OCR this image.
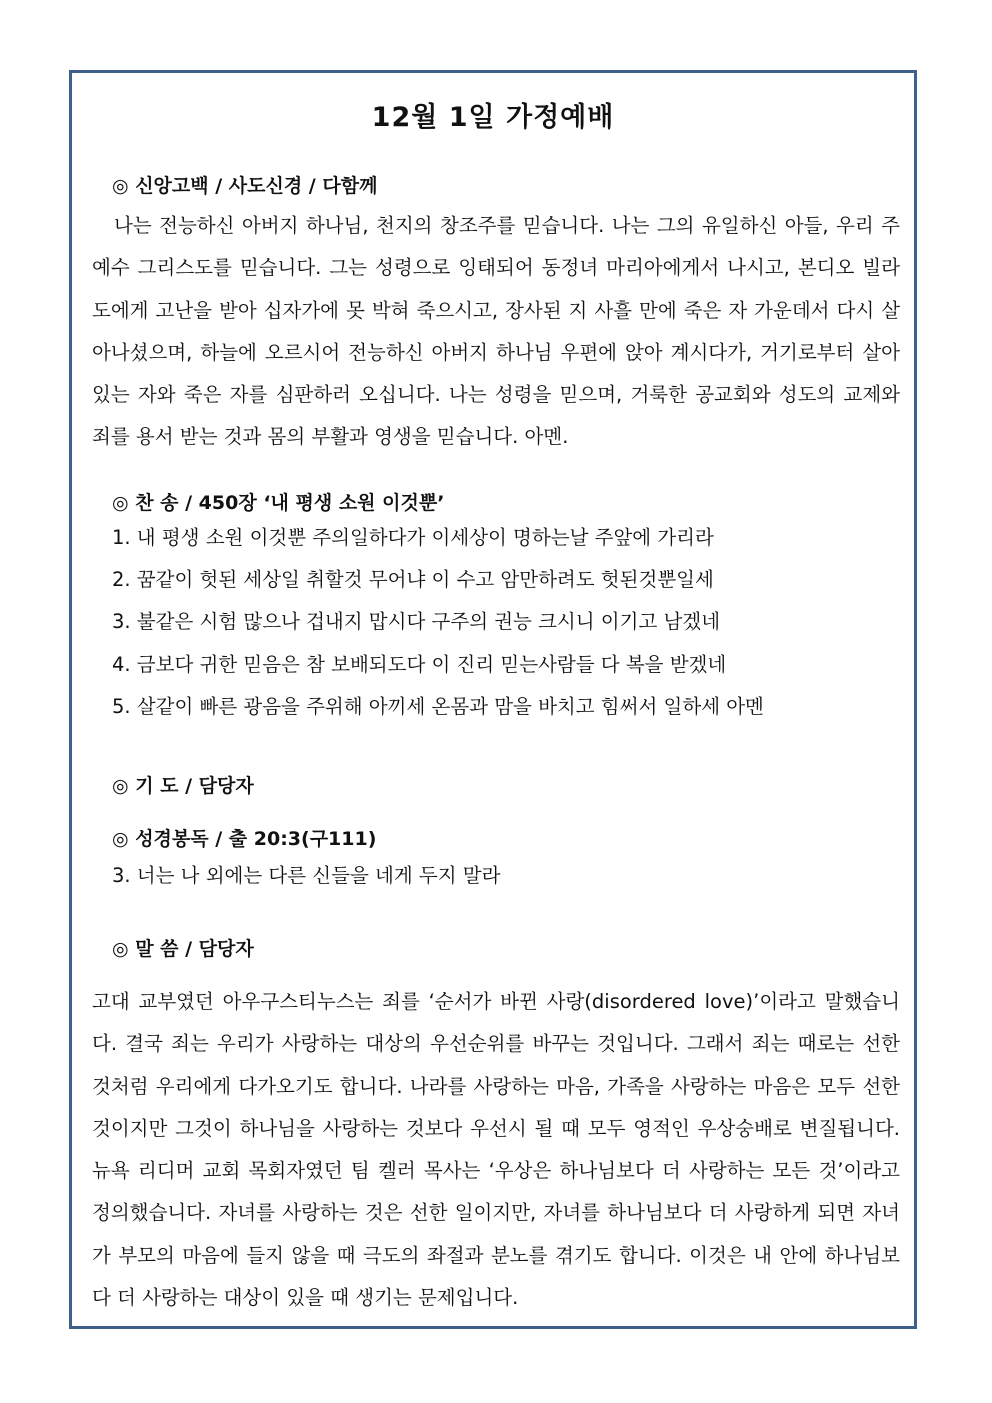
12월 1일 가정예배

◎ 신앙고백 / 사도신경 / 다함께

나는 전능하신 아버지 하나님, 천지의 창조주를 믿습니다. 나는 그의 유일하신 아들, 우리 주 예수 그리스도를 믿습니다. 그는 성령으로 잉태되어 동정녀 마리아에게서 나시고, 본디오 빌라도에게 고난을 받아 십자가에 못 박혀 죽으시고, 장사된 지 사흘 만에 죽은 자 가운데서 다시 살아나셨으며, 하늘에 오르시어 전능하신 아버지 하나님 우편에 앉아 계시다가, 거기로부터 살아있는 자와 죽은 자를 심판하러 오십니다. 나는 성령을 믿으며, 거룩한 공교회와 성도의 교제와 죄를 용서 받는 것과 몸의 부활과 영생을 믿습니다. 아멘.

◎ 찬 송 / 450장 ‘내 평생 소원 이것뿐’

1. 내 평생 소원 이것뿐 주의일하다가 이세상이 명하는날 주앞에 가리라
2. 꿈같이 헛된 세상일 취할것 무어냐 이 수고 암만하려도 헛된것뿐일세
3. 불같은 시험 많으나 겁내지 맙시다 구주의 권능 크시니 이기고 남겠네
4. 금보다 귀한 믿음은 참 보배되도다 이 진리 믿는사람들 다 복을 받겠네
5. 살같이 빠른 광음을 주위해 아끼세 온몸과 맘을 바치고 힘써서 일하세 아멘

◎ 기 도 / 담당자

◎ 성경봉독 / 출 20:3(구111)

3. 너는 나 외에는 다른 신들을 네게 두지 말라

◎ 말 씀 / 담당자

고대 교부였던 아우구스티누스는 죄를 ‘순서가 바뀐 사랑(disordered love)’이라고 말했습니다. 결국 죄는 우리가 사랑하는 대상의 우선순위를 바꾸는 것입니다. 그래서 죄는 때로는 선한 것처럼 우리에게 다가오기도 합니다. 나라를 사랑하는 마음, 가족을 사랑하는 마음은 모두 선한 것이지만 그것이 하나님을 사랑하는 것보다 우선시 될 때 모두 영적인 우상숭배로 변질됩니다. 뉴욕 리디머 교회 목회자였던 팀 켈러 목사는 ‘우상은 하나님보다 더 사랑하는 모든 것’이라고 정의했습니다. 자녀를 사랑하는 것은 선한 일이지만, 자녀를 하나님보다 더 사랑하게 되면 자녀가 부모의 마음에 들지 않을 때 극도의 좌절과 분노를 겪기도 합니다. 이것은 내 안에 하나님보다 더 사랑하는 대상이 있을 때 생기는 문제입니다.
